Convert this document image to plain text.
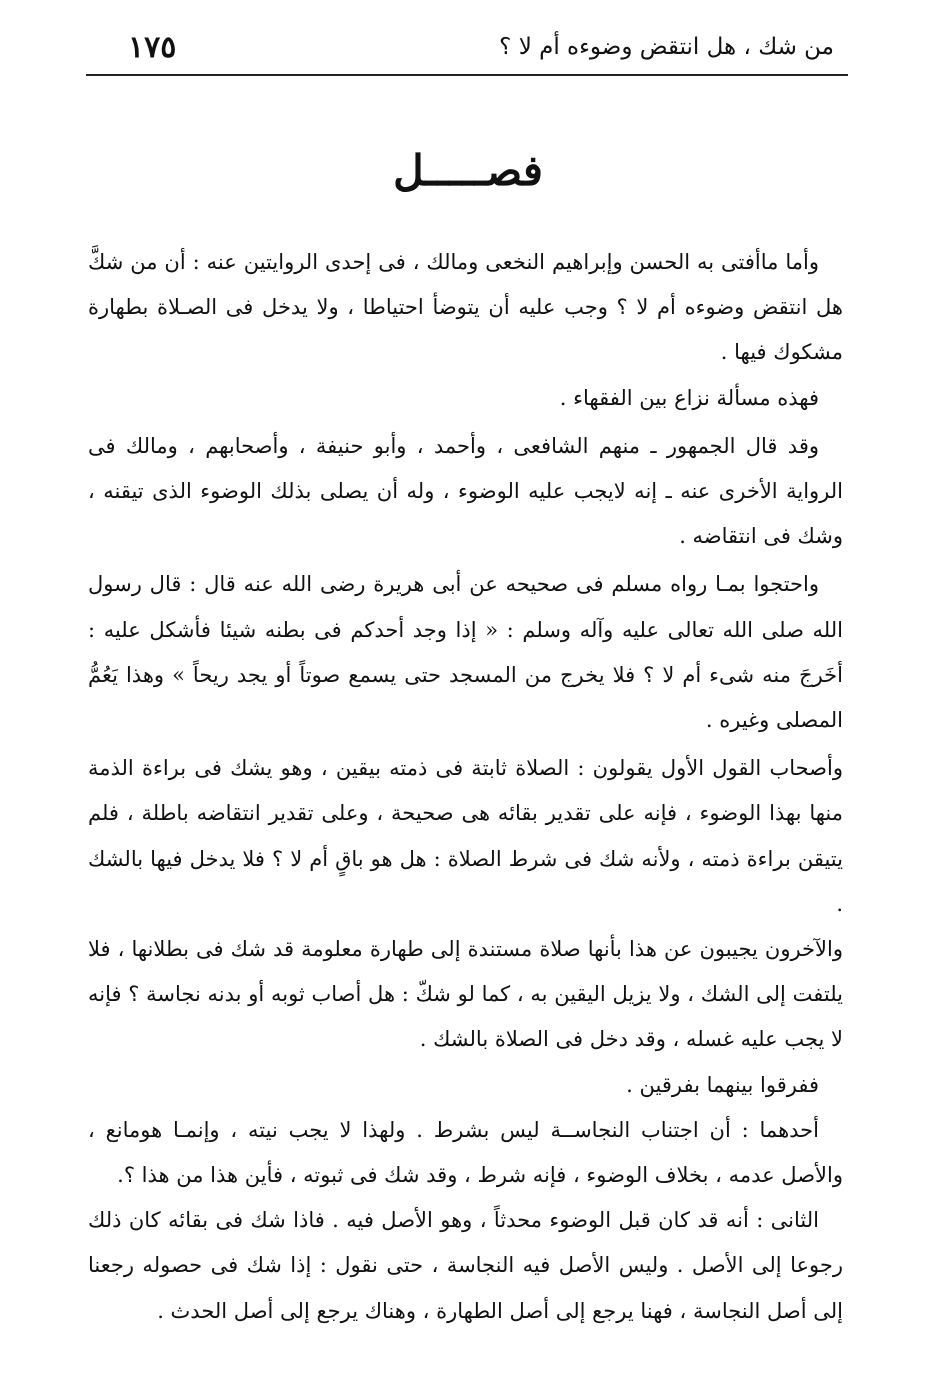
من شك ، هل انتقض وضوءه أم لا ؟
١٧٥
فصـــــل

وأما ماأفتى به الحسن وإبراهيم النخعى ومالك ، فى إحدى الروايتين عنه : أن من شكَّ هل انتقض وضوءه أم لا ؟ وجب عليه أن يتوضأ احتياطا ، ولا يدخل فى الصـلاة بطهارة مشكوك فيها .

فهذه مسألة نزاع بين الفقهاء .

وقد قال الجمهور ـ منهم الشافعى ، وأحمد ، وأبو حنيفة ، وأصحابهم ، ومالك فى الرواية الأخرى عنه ـ إنه لايجب عليه الوضوء ، وله أن يصلى بذلك الوضوء الذى تيقنه ، وشك فى انتقاضه .

واحتجوا بمـا رواه مسلم فى صحيحه عن أبى هريرة رضى الله عنه قال : قال رسول الله صلى الله تعالى عليه وآله وسلم : « إذا وجد أحدكم فى بطنه شيئا فأشكل عليه : أخَرجَ منه شىء أم لا ؟ فلا يخرج من المسجد حتى يسمع صوتاً أو يجد ريحاً » وهذا يَعُمُّ المصلى وغيره .

وأصحاب القول الأول يقولون : الصلاة ثابتة فى ذمته بيقين ، وهو يشك فى براءة الذمة منها بهذا الوضوء ، فإنه على تقدير بقائه هى صحيحة ، وعلى تقدير انتقاضه باطلة ، فلم يتيقن براءة ذمته ، ولأنه شك فى شرط الصلاة : هل هو باقٍ أم لا ؟ فلا يدخل فيها بالشك .

والآخرون يجيبون عن هذا بأنها صلاة مستندة إلى طهارة معلومة قد شك فى بطلانها ، فلا يلتفت إلى الشك ، ولا يزيل اليقين به ، كما لو شكّ : هل أصاب ثوبه أو بدنه نجاسة ؟ فإنه لا يجب عليه غسله ، وقد دخل فى الصلاة بالشك .

ففرقوا بينهما بفرقين .

أحدهما : أن اجتناب النجاســة ليس بشرط . ولهذا لا يجب نيته ، وإنمـا هومانع ، والأصل عدمه ، بخلاف الوضوء ، فإنه شرط ، وقد شك فى ثبوته ، فأين هذا من هذا ؟.

الثانى : أنه قد كان قبل الوضوء محدثاً ، وهو الأصل فيه . فاذا شك فى بقائه كان ذلك رجوعا إلى الأصل . وليس الأصل فيه النجاسة ، حتى نقول : إذا شك فى حصوله رجعنا إلى أصل النجاسة ، فهنا يرجع إلى أصل الطهارة ، وهناك يرجع إلى أصل الحدث .
